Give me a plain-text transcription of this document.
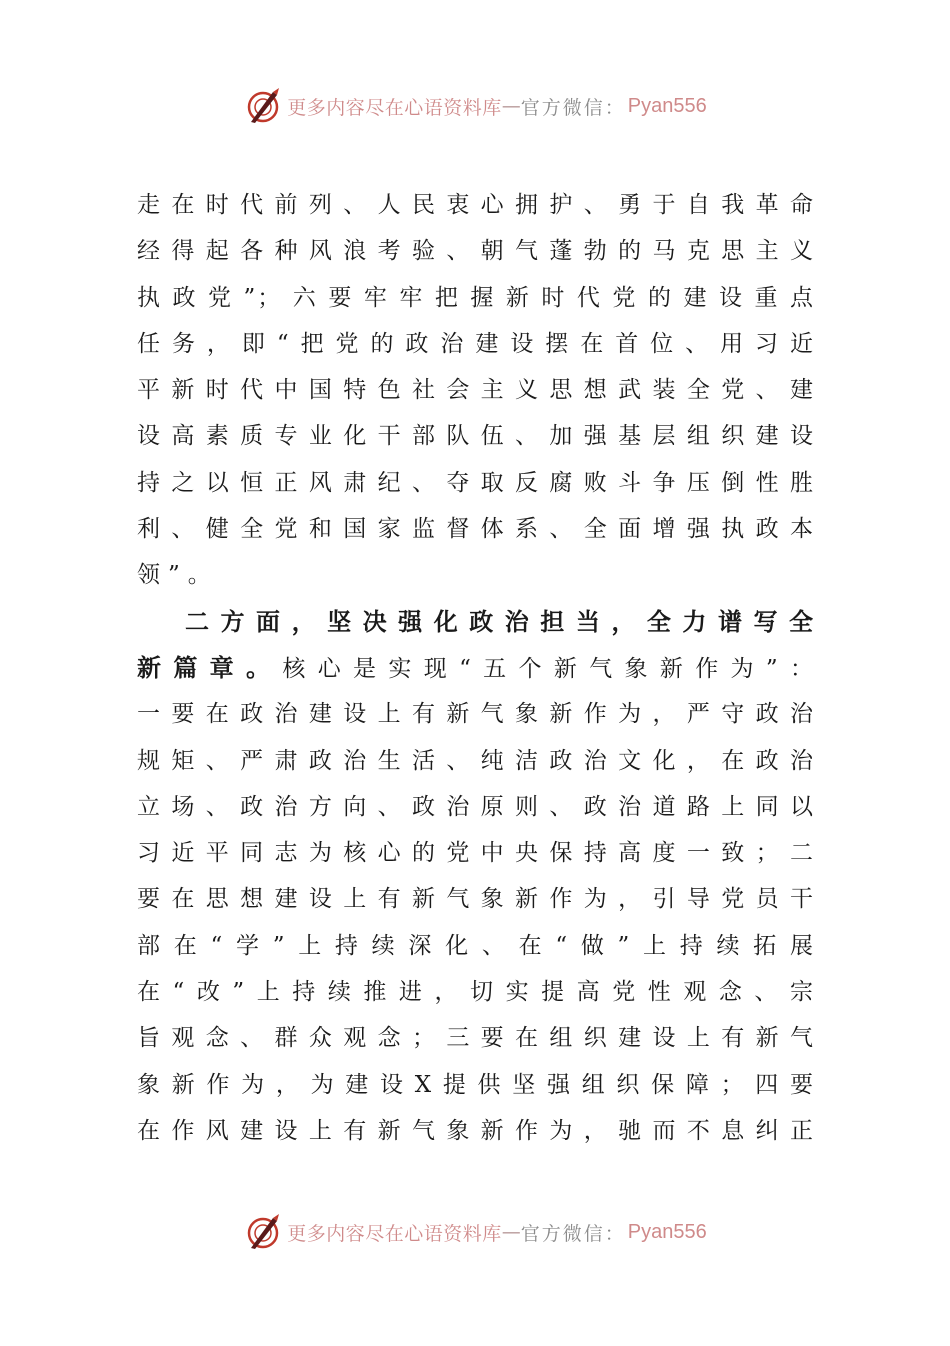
更多内容尽在心语资料库 — 官方微信： Pyan556
走在时代前列、人民衷心拥护、勇于自我革命
经得起各种风浪考验、朝气蓬勃的马克思主义
执政党”；六要牢牢把握新时代党的建设重点
任务，即“把党的政治建设摆在首位、用习近
平新时代中国特色社会主义思想武装全党、建
设高素质专业化干部队伍、加强基层组织建设
持之以恒正风肃纪、夺取反腐败斗争压倒性胜
利、健全党和国家监督体系、全面增强执政本
领”。
二方面，坚决强化政治担当，全力谱写全
新篇章。核心是实现“五个新气象新作为”：
一要在政治建设上有新气象新作为，严守政治
规矩、严肃政治生活、纯洁政治文化，在政治
立场、政治方向、政治原则、政治道路上同以
习近平同志为核心的党中央保持高度一致；二
要在思想建设上有新气象新作为，引导党员干
部在“学”上持续深化、在“做”上持续拓展
在“改”上持续推进，切实提高党性观念、宗
旨观念、群众观念；三要在组织建设上有新气
象新作为，为建设X提供坚强组织保障；四要
在作风建设上有新气象新作为，驰而不息纠正
更多内容尽在心语资料库 — 官方微信： Pyan556
